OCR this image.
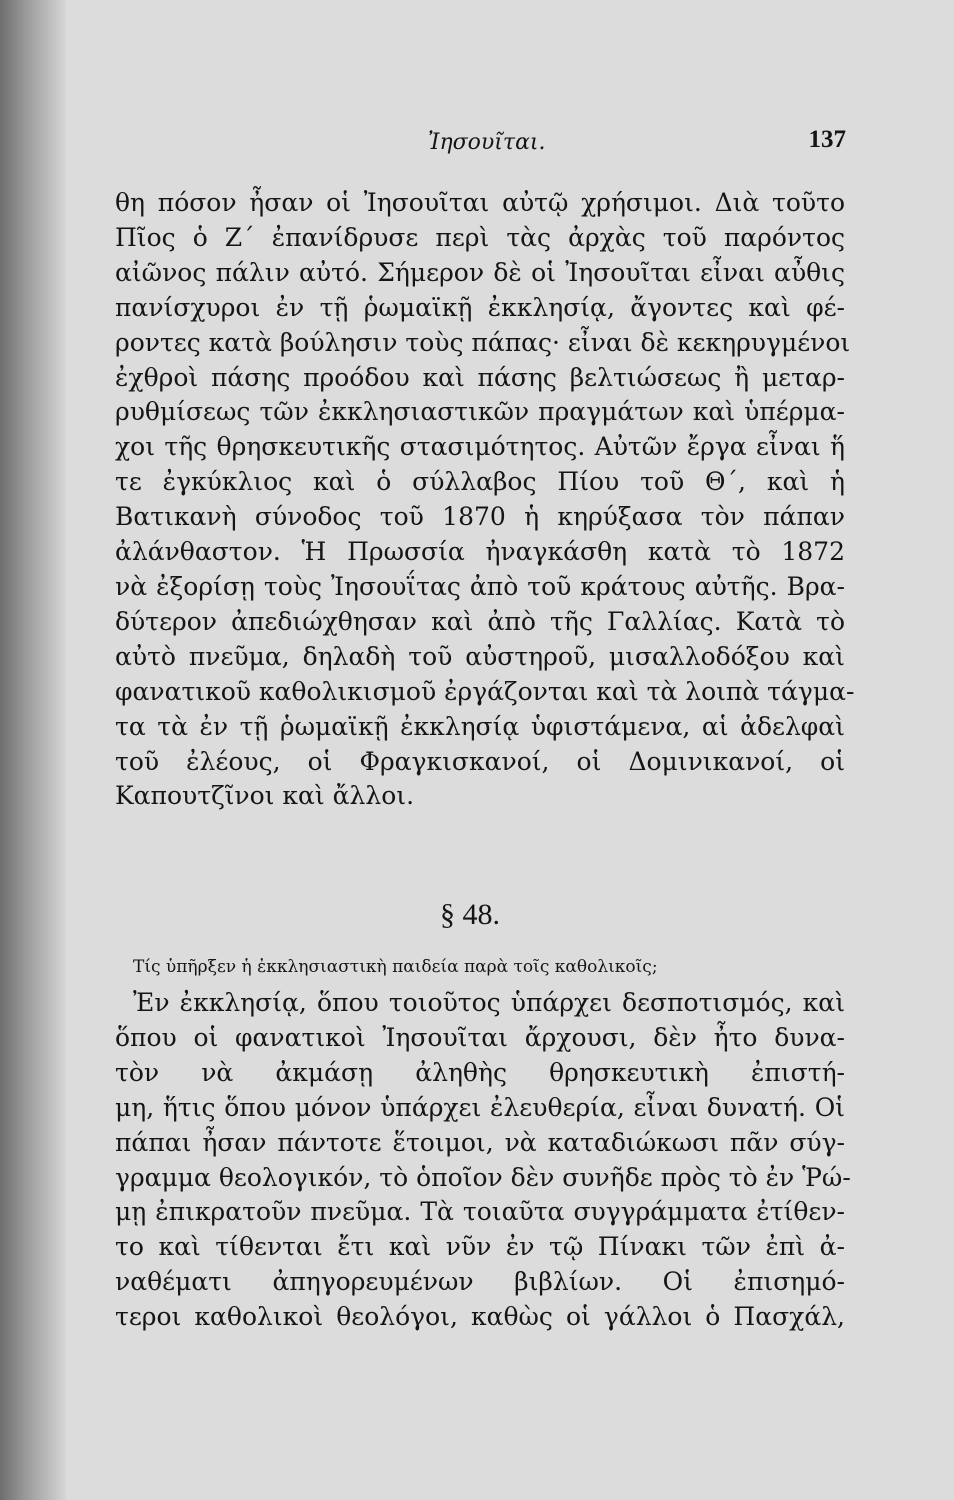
Ἰησουῖται.	137
θη πόσον ἦσαν οἱ Ἰησουῖται αὐτῷ χρήσιμοι. Διὰ τοῦτο
Πῖος ὁ Ζ΄ ἐπανίδρυσε περὶ τὰς ἀρχὰς τοῦ παρόντος
αἰῶνος πάλιν αὐτό. Σήμερον δὲ οἱ Ἰησουῖται εἶναι αὖθις
πανίσχυροι ἐν τῇ ῥωμαϊκῇ ἐκκλησίᾳ, ἄγοντες καὶ φέ-
ροντες κατὰ βούλησιν τοὺς πάπας· εἶναι δὲ κεκηρυγμένοι
ἐχθροὶ πάσης προόδου καὶ πάσης βελτιώσεως ἢ μεταρ-
ρυθμίσεως τῶν ἐκκλησιαστικῶν πραγμάτων καὶ ὑπέρμα-
χοι τῆς θρησκευτικῆς στασιμότητος. Αὐτῶν ἔργα εἶναι ἥ
τε ἐγκύκλιος καὶ ὁ σύλλαβος Πίου τοῦ Θ΄, καὶ ἡ
Βατικανὴ σύνοδος τοῦ 1870 ἡ κηρύξασα τὸν πάπαν
ἀλάνθαστον. Ἡ Πρωσσία ἠναγκάσθη κατὰ τὸ 1872
νὰ ἐξορίσῃ τοὺς Ἰησουΐτας ἀπὸ τοῦ κράτους αὐτῆς. Βρα-
δύτερον ἀπεδιώχθησαν καὶ ἀπὸ τῆς Γαλλίας. Κατὰ τὸ
αὐτὸ πνεῦμα, δηλαδὴ τοῦ αὐστηροῦ, μισαλλοδόξου καὶ
φανατικοῦ καθολικισμοῦ ἐργάζονται καὶ τὰ λοιπὰ τάγμα-
τα τὰ ἐν τῇ ῥωμαϊκῇ ἐκκλησίᾳ ὑφιστάμενα, αἱ ἀδελφαὶ
τοῦ ἐλέους, οἱ Φραγκισκανοί, οἱ Δομινικανοί, οἱ
Καπουτζῖνοι καὶ ἄλλοι.
§ 48.
Τίς ὑπῆρξεν ἡ ἐκκλησιαστικὴ παιδεία παρὰ τοῖς καθολικοῖς;
Ἐν ἐκκλησίᾳ, ὅπου τοιοῦτος ὑπάρχει δεσποτισμός, καὶ
ὅπου οἱ φανατικοὶ Ἰησουῖται ἄρχουσι, δὲν ἦτο δυνα-
τὸν νὰ ἀκμάσῃ ἀληθὴς θρησκευτικὴ ἐπιστή-
μη, ἥτις ὅπου μόνον ὑπάρχει ἐλευθερία, εἶναι δυνατή. Οἱ
πάπαι ἦσαν πάντοτε ἕτοιμοι, νὰ καταδιώκωσι πᾶν σύγ-
γραμμα θεολογικόν, τὸ ὁποῖον δὲν συνῆδε πρὸς τὸ ἐν Ῥώ-
μῃ ἐπικρατοῦν πνεῦμα. Τὰ τοιαῦτα συγγράμματα ἐτίθεν-
το καὶ τίθενται ἔτι καὶ νῦν ἐν τῷ Πίνακι τῶν ἐπὶ ἀ-
ναθέματι ἀπηγορευμένων βιβλίων. Οἱ ἐπισημό-
τεροι καθολικοὶ θεολόγοι, καθὼς οἱ γάλλοι ὁ Πασχάλ,
